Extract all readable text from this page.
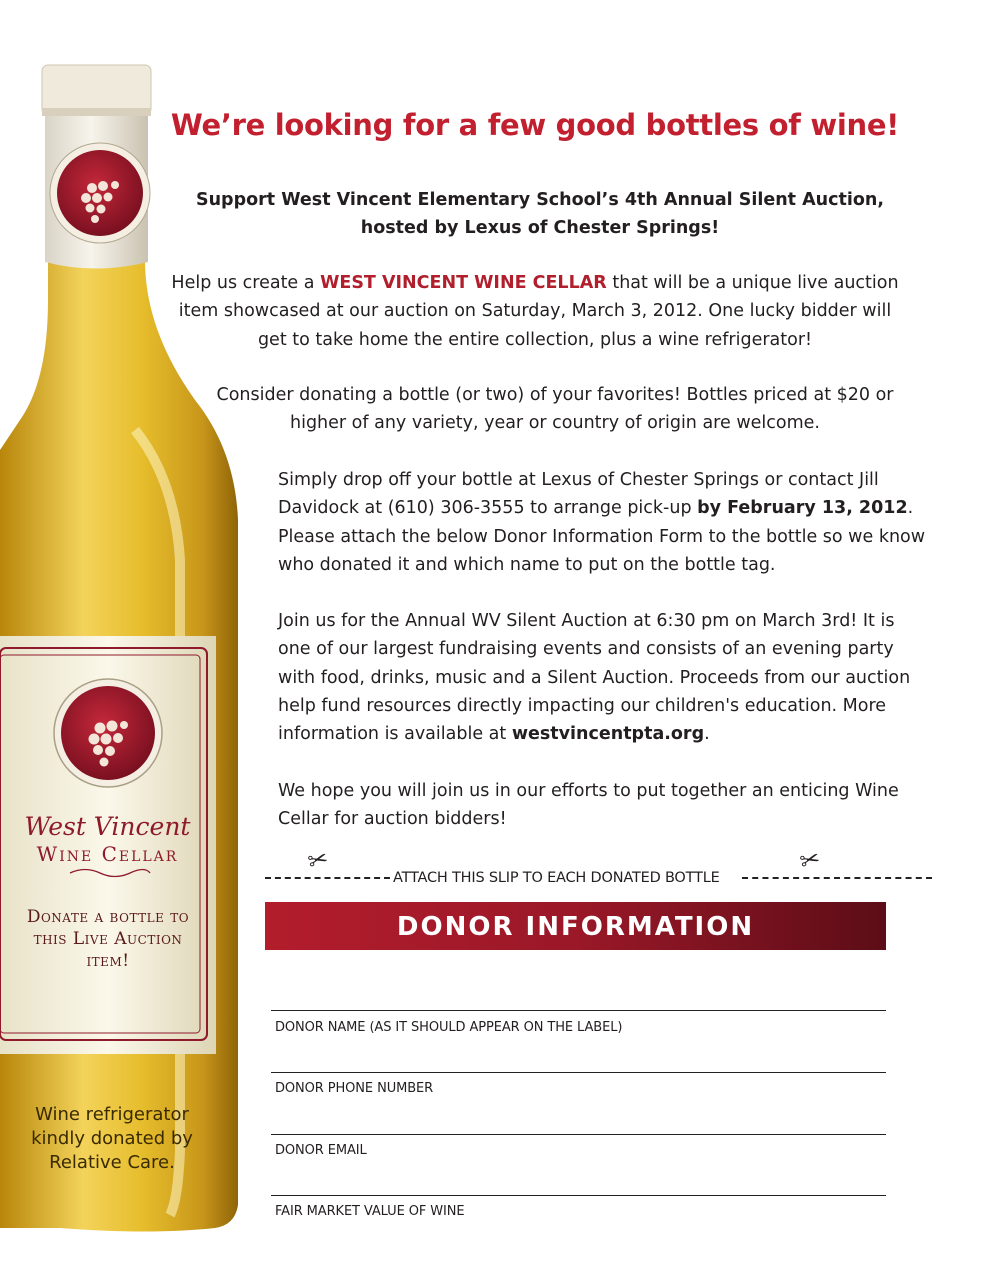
West Vincent
Wine Cellar
Donate a bottle to this Live Auction item!
Wine refrigerator kindly donated by Relative Care.
We’re looking for a few good bottles of wine!
Support West Vincent Elementary School’s 4th Annual Silent Auction,
hosted by Lexus of Chester Springs!
Help us create a WEST VINCENT WINE CELLAR that will be a unique live auction item showcased at our auction on Saturday, March 3, 2012. One lucky bidder will get to take home the entire collection, plus a wine refrigerator!
Consider donating a bottle (or two) of your favorites! Bottles priced at $20 or higher of any variety, year or country of origin are welcome.
Simply drop off your bottle at Lexus of Chester Springs or contact Jill Davidock at (610) 306-3555 to arrange pick-up by February 13, 2012. Please attach the below Donor Information Form to the bottle so we know who donated it and which name to put on the bottle tag.
Join us for the Annual WV Silent Auction at 6:30 pm on March 3rd! It is one of our largest fundraising events and consists of an evening party with food, drinks, music and a Silent Auction. Proceeds from our auction help fund resources directly impacting our children's education. More information is available at westvincentpta.org.
We hope you will join us in our efforts to put together an enticing Wine Cellar for auction bidders!
ATTACH THIS SLIP TO EACH DONATED BOTTLE
✂	✂
DONOR INFORMATION
DONOR NAME (AS IT SHOULD APPEAR ON THE LABEL)
DONOR PHONE NUMBER
DONOR EMAIL
FAIR MARKET VALUE OF WINE
